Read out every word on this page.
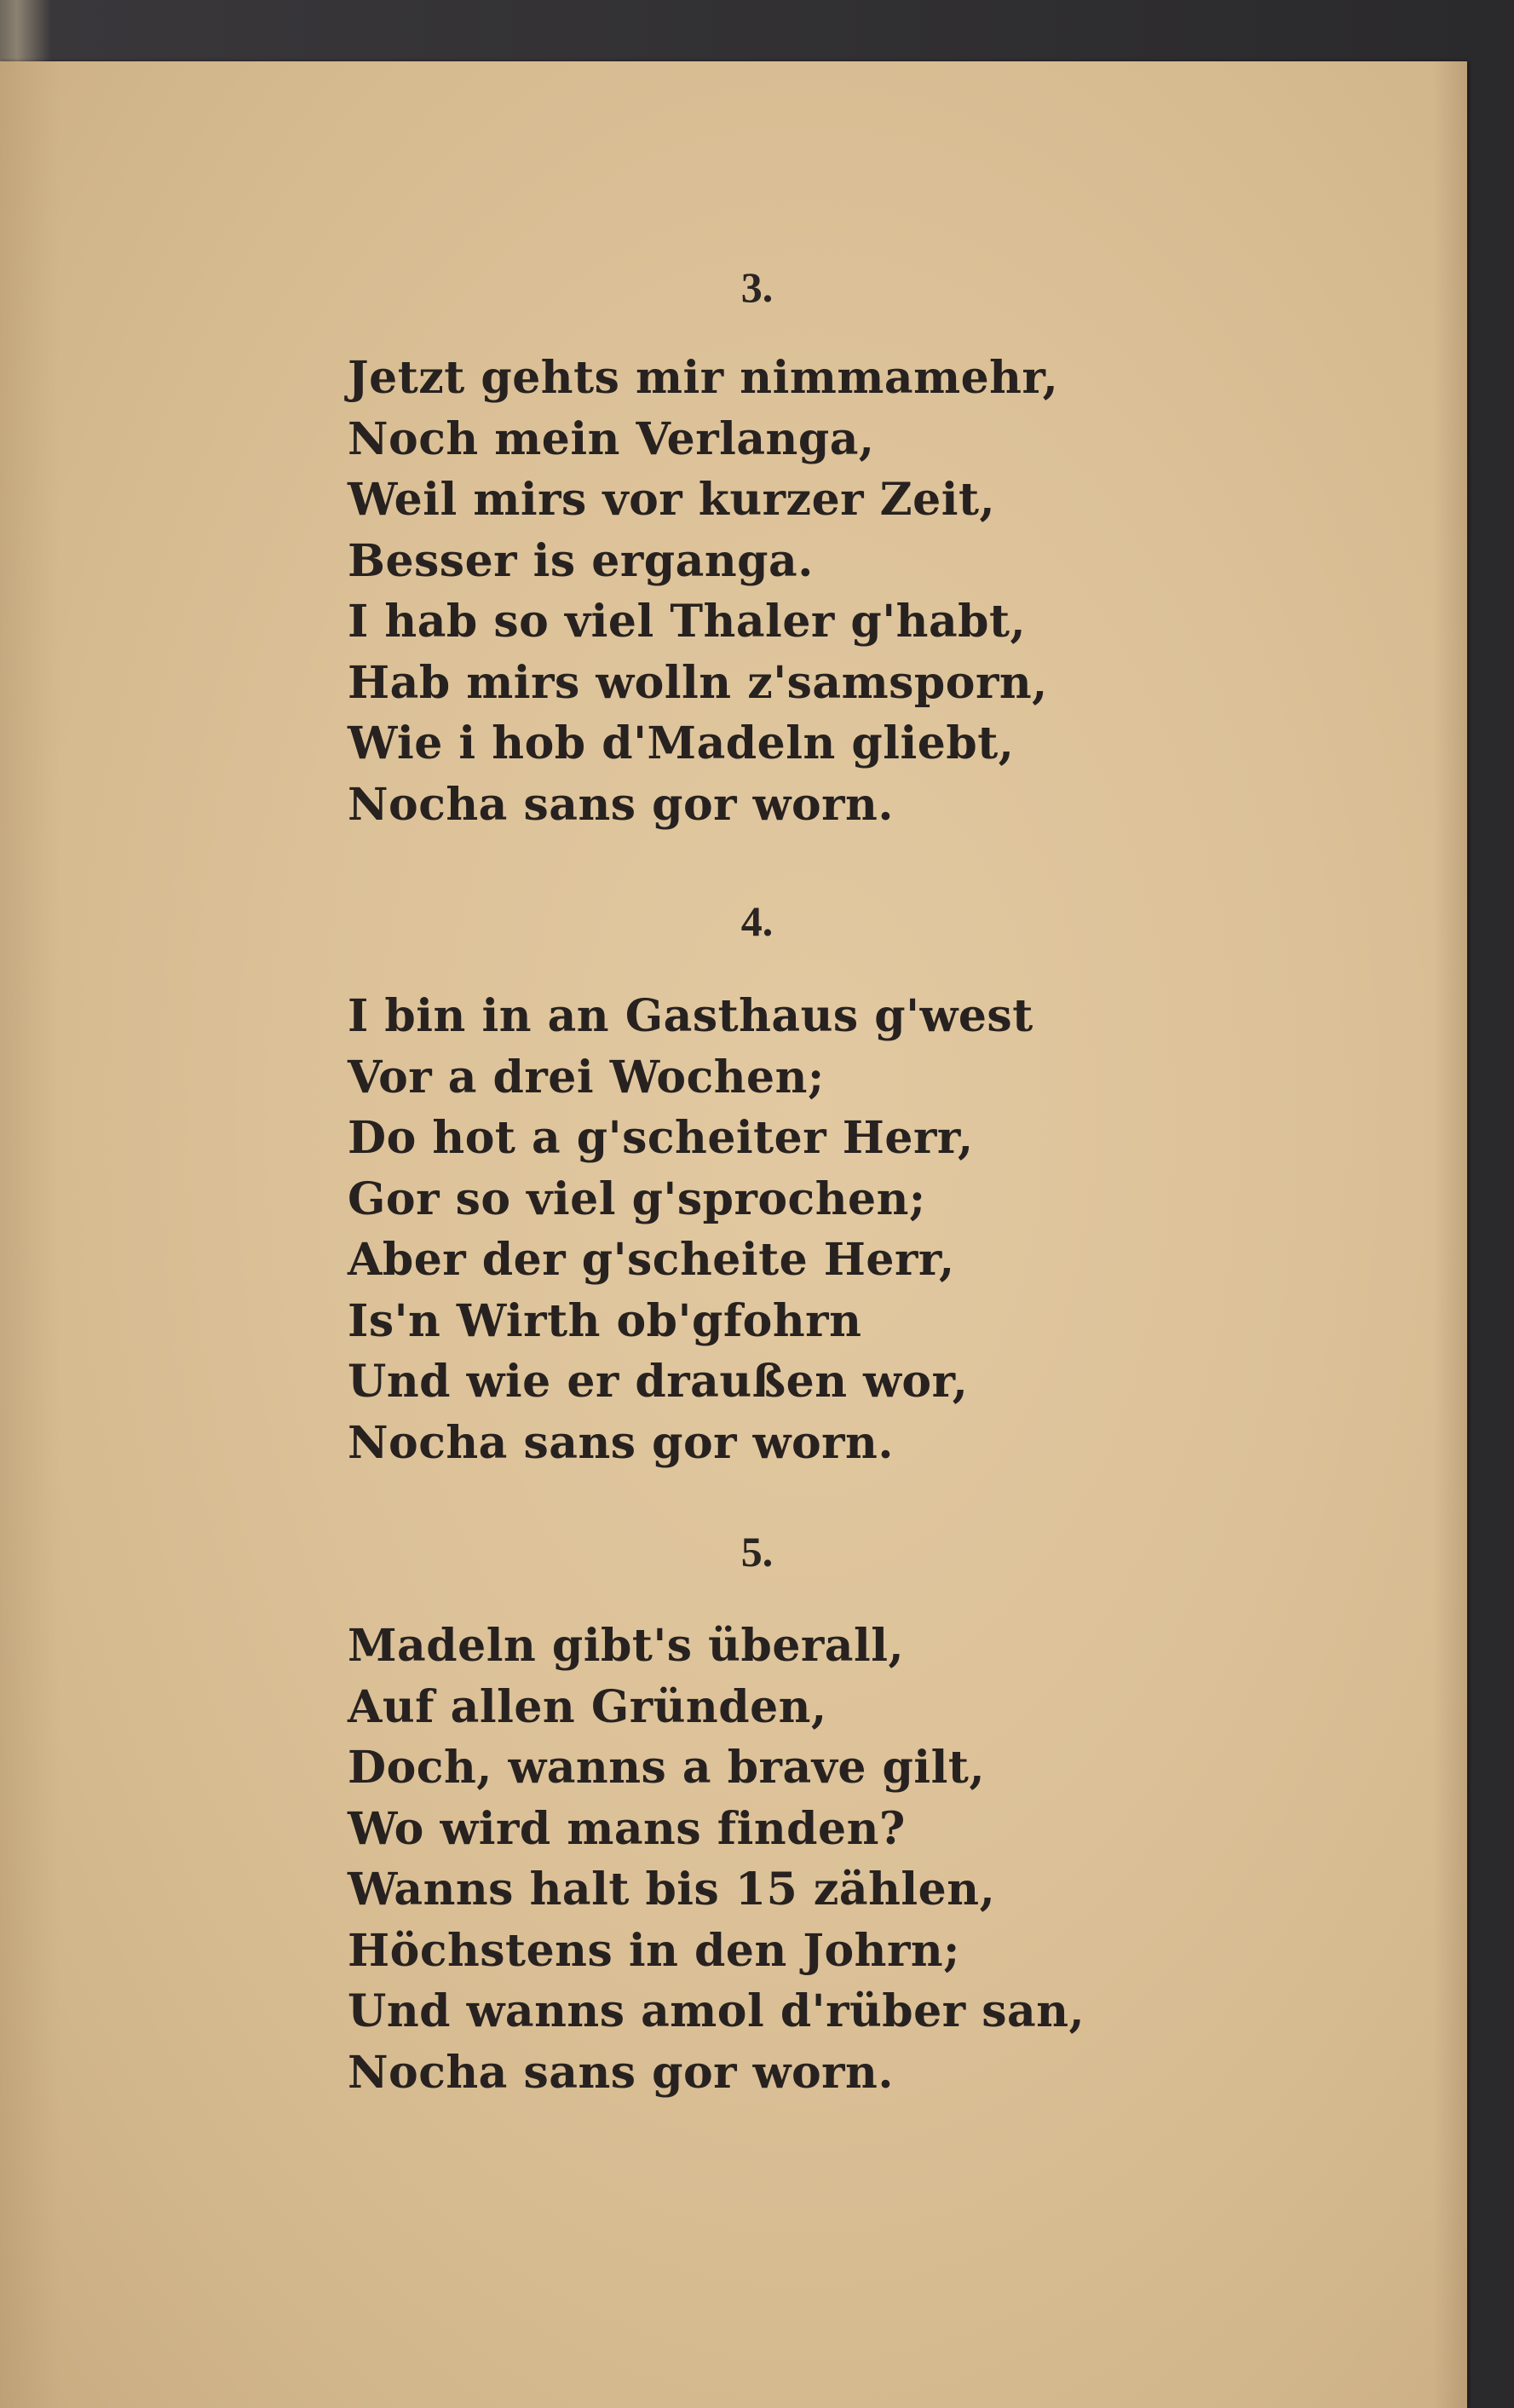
3.
Jetzt gehts mir nimmamehr,
Noch mein Verlanga,
Weil mirs vor kurzer Zeit,
Besser is erganga.
I hab so viel Thaler g'habt,
Hab mirs wolln z'samsporn,
Wie i hob d'Madeln gliebt,
Nocha sans gor worn.
4.
I bin in an Gasthaus g'west
Vor a drei Wochen;
Do hot a g'scheiter Herr,
Gor so viel g'sprochen;
Aber der g'scheite Herr,
Is'n Wirth ob'gfohrn
Und wie er draußen wor,
Nocha sans gor worn.
5.
Madeln gibt's überall,
Auf allen Gründen,
Doch, wanns a brave gilt,
Wo wird mans finden?
Wanns halt bis 15 zählen,
Höchstens in den Johrn;
Und wanns amol d'rüber san,
Nocha sans gor worn.
